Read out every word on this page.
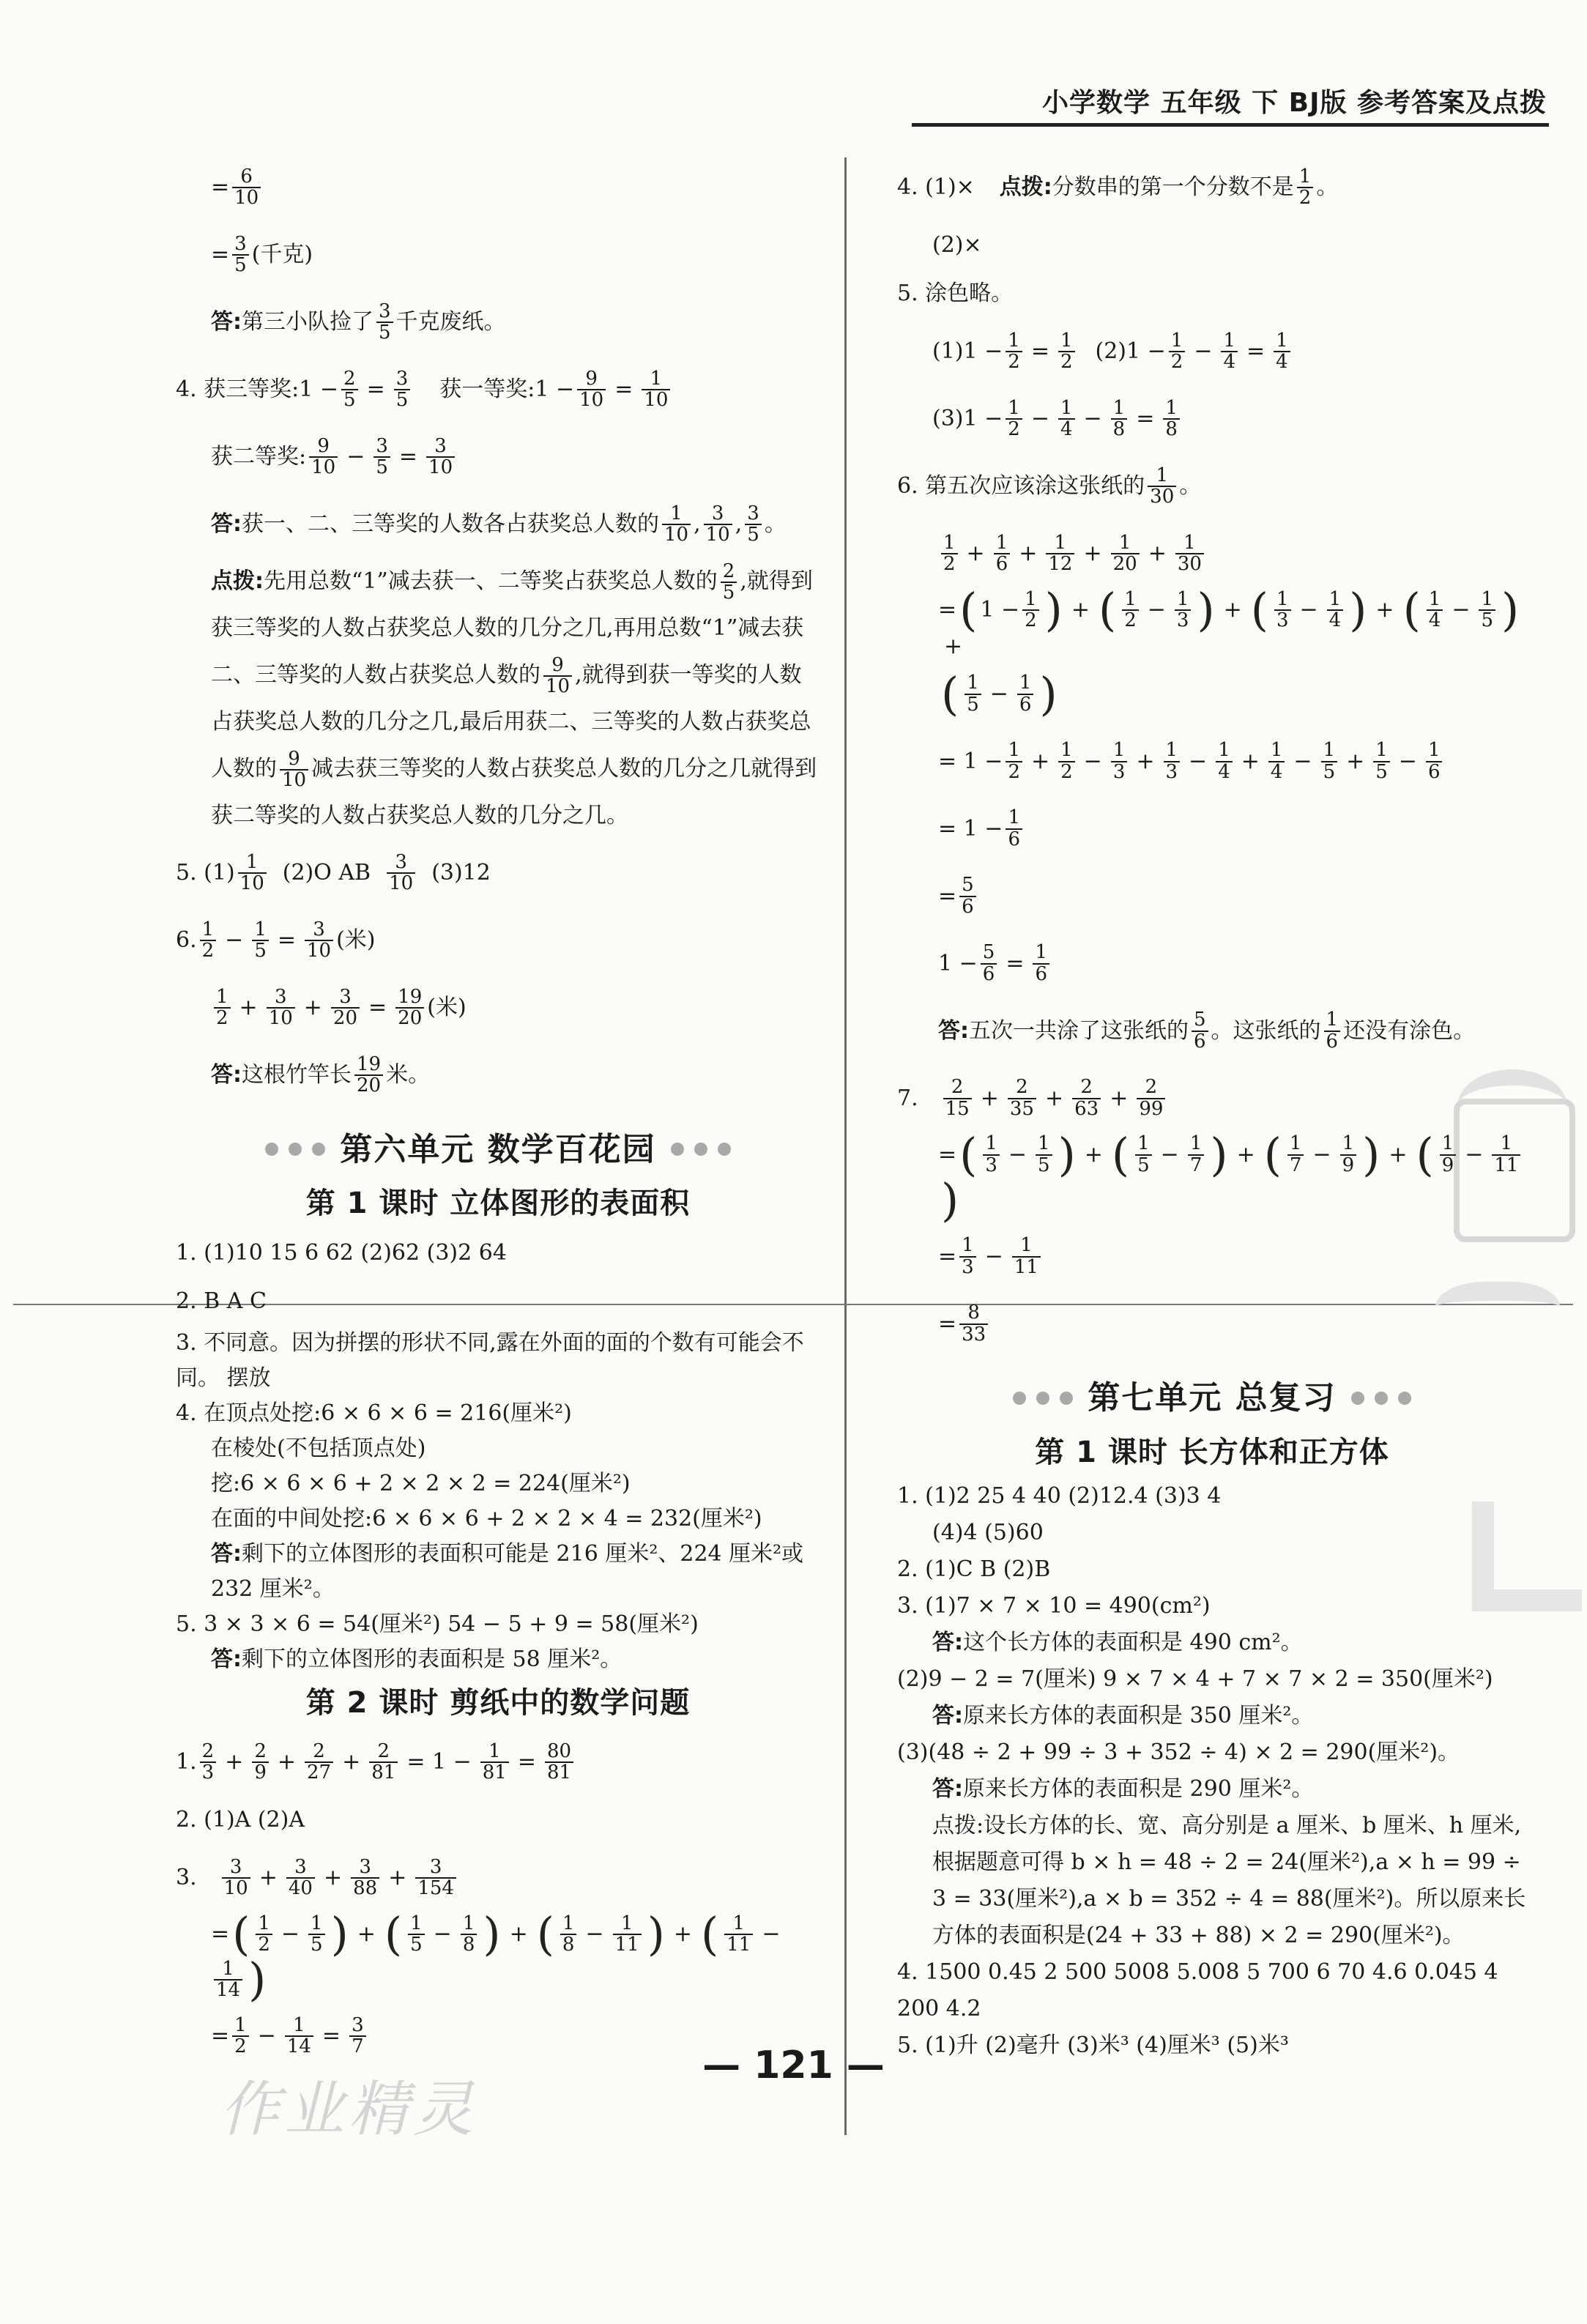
小学数学 五年级 下 BJ版 参考答案及点拨
= $\frac{6}{10}$
= $\frac{3}{5}$ (千克)
答: 第三小队捡了 $\frac{3}{5}$ 千克废纸。
4. 获三等奖:1 − $\frac{2}{5} = \frac{3}{5}$ 获一等奖:1 − $\frac{9}{10} = \frac{1}{10}$
获二等奖: $\frac{9}{10} - \frac{3}{5} = \frac{3}{10}$
答: 获一、二、三等奖的人数各占获奖总人数的 $\frac{1}{10}$ , $\frac{3}{10}$ , $\frac{3}{5}$ 。
点拨:先用总数“1”减去获一、二等奖占获奖总人数的 $\frac{2}{5}$ ,就得到获三等奖的人数占获奖总人数的几分之几,再用总数“1”减去获二、三等奖的人数占获奖总人数的 $\frac{9}{10}$ ,就得到获一等奖的人数占获奖总人数的几分之几,最后用获二、三等奖的人数占获奖总人数的 $\frac{9}{10}$ 减去获三等奖的人数占获奖总人数的几分之几就得到获二等奖的人数占获奖总人数的几分之几。
5. $(1) \frac{1}{10} (2)O$ AB $\frac{3}{10} (3)12$
6. $\frac{1}{2} - \frac{1}{5} = \frac{3}{10}$ (米)
$\frac{1}{2} + \frac{3}{10} + \frac{3}{20} = \frac{19}{20}$ (米)
答: 这根竹竿长 $\frac{19}{20}$ 米。
第六单元 数学百花园
第 1 课时 立体图形的表面积
1. (1)10 15 6 62 (2)62 (3)2 64
2. B A C
3. 不同意。因为拼摆的形状不同,露在外面的面的个数有可能会不同。 摆放
4. 在顶点处挖:6 × 6 × 6 = 216(厘米²)
在棱处(不包括顶点处)
挖:6 × 6 × 6 + 2 × 2 × 2 = 224(厘米²)
在面的中间处挖:6 × 6 × 6 + 2 × 2 × 4 = 232(厘米²)
答:剩下的立体图形的表面积可能是 216 厘米²、224 厘米²或 232 厘米²。
5. 3 × 3 × 6 = 54(厘米²) 54 − 5 + 9 = 58(厘米²)
答: 剩下的立体图形的表面积是 58 厘米²。
第 2 课时 剪纸中的数学问题
1. $\frac{2}{3} + \frac{2}{9} + \frac{2}{27} + \frac{2}{81} = 1 - \frac{1}{81} = \frac{80}{81}$
2. (1)A (2)A
3. $\frac{3}{10} + \frac{3}{40} + \frac{3}{88} + \frac{3}{154}$
= ( $\frac{1}{2} - \frac{1}{5}$ ) + ( $\frac{1}{5} - \frac{1}{8}$ ) + ( $\frac{1}{8} - \frac{1}{11}$ ) + ( $\frac{1}{11}$ −
$\frac{1}{14}$ )
= $\frac{1}{2} - \frac{1}{14} = \frac{3}{7}$
4. (1)× 点拨: 分数串的第一个分数不是 $\frac{1}{2}$ 。
(2)×
5. 涂色略。
$(1)1 - \frac{1}{2} = \frac{1}{2} (2)1 - \frac{1}{2} - \frac{1}{4} = \frac{1}{4}$
$(3)1 - \frac{1}{2} - \frac{1}{4} - \frac{1}{8} = \frac{1}{8}$
6. 第五次应该涂这张纸的 $\frac{1}{30}$ 。
$\frac{1}{2} + \frac{1}{6} + \frac{1}{12} + \frac{1}{20} + \frac{1}{30}$
= ( $1 - \frac{1}{2}$ ) + ( $\frac{1}{2} - \frac{1}{3}$ ) + ( $\frac{1}{3} - \frac{1}{4}$ ) + ( $\frac{1}{4} - \frac{1}{5}$ )
+
( $\frac{1}{5} - \frac{1}{6}$ )
= $1 - \frac{1}{2} + \frac{1}{2} - \frac{1}{3} + \frac{1}{3} - \frac{1}{4} + \frac{1}{4} - \frac{1}{5} + \frac{1}{5} - \frac{1}{6}$
= $1 - \frac{1}{6}$
= $\frac{5}{6}$
$1 - \frac{5}{6} = \frac{1}{6}$
答: 五次一共涂了这张纸的 $\frac{5}{6}$ 。这张纸的 $\frac{1}{6}$ 还没有涂色。
7. $\frac{2}{15} + \frac{2}{35} + \frac{2}{63} + \frac{2}{99}$
= ( $\frac{1}{3} - \frac{1}{5}$ ) + ( $\frac{1}{5} - \frac{1}{7}$ ) + ( $\frac{1}{7} - \frac{1}{9}$ ) + ( $\frac{1}{9} - \frac{1}{11}$
)
= $\frac{1}{3} - \frac{1}{11}$
= $\frac{8}{33}$
第七单元 总复习
第 1 课时 长方体和正方体
1. (1)2 25 4 40 (2)12.4 (3)3 4
(4)4 (5)60
2. (1)C B (2)B
3. (1)7 × 7 × 10 = 490(cm²)
答: 这个长方体的表面积是 490 cm²。
(2)9 − 2 = 7(厘米) 9 × 7 × 4 + 7 × 7 × 2 = 350(厘米²)
答: 原来长方体的表面积是 350 厘米²。
(3)(48 ÷ 2 + 99 ÷ 3 + 352 ÷ 4) × 2 = 290(厘米²)。
答: 原来长方体的表面积是 290 厘米²。
点拨:设长方体的长、宽、高分别是 a 厘米、b 厘米、h 厘米,根据题意可得 b × h = 48 ÷ 2 = 24(厘米²),a × h = 99 ÷ 3 = 33(厘米²),a × b = 352 ÷ 4 = 88(厘米²)。所以原来长方体的表面积是(24 + 33 + 88) × 2 = 290(厘米²)。
4. 1500 0.45 2 500 5008 5.008 5 700 6 70 4.6 0.045 4 200 4.2
5. (1)升 (2)毫升 (3)米³ (4)厘米³ (5)米³
— 121 —
作业精灵
